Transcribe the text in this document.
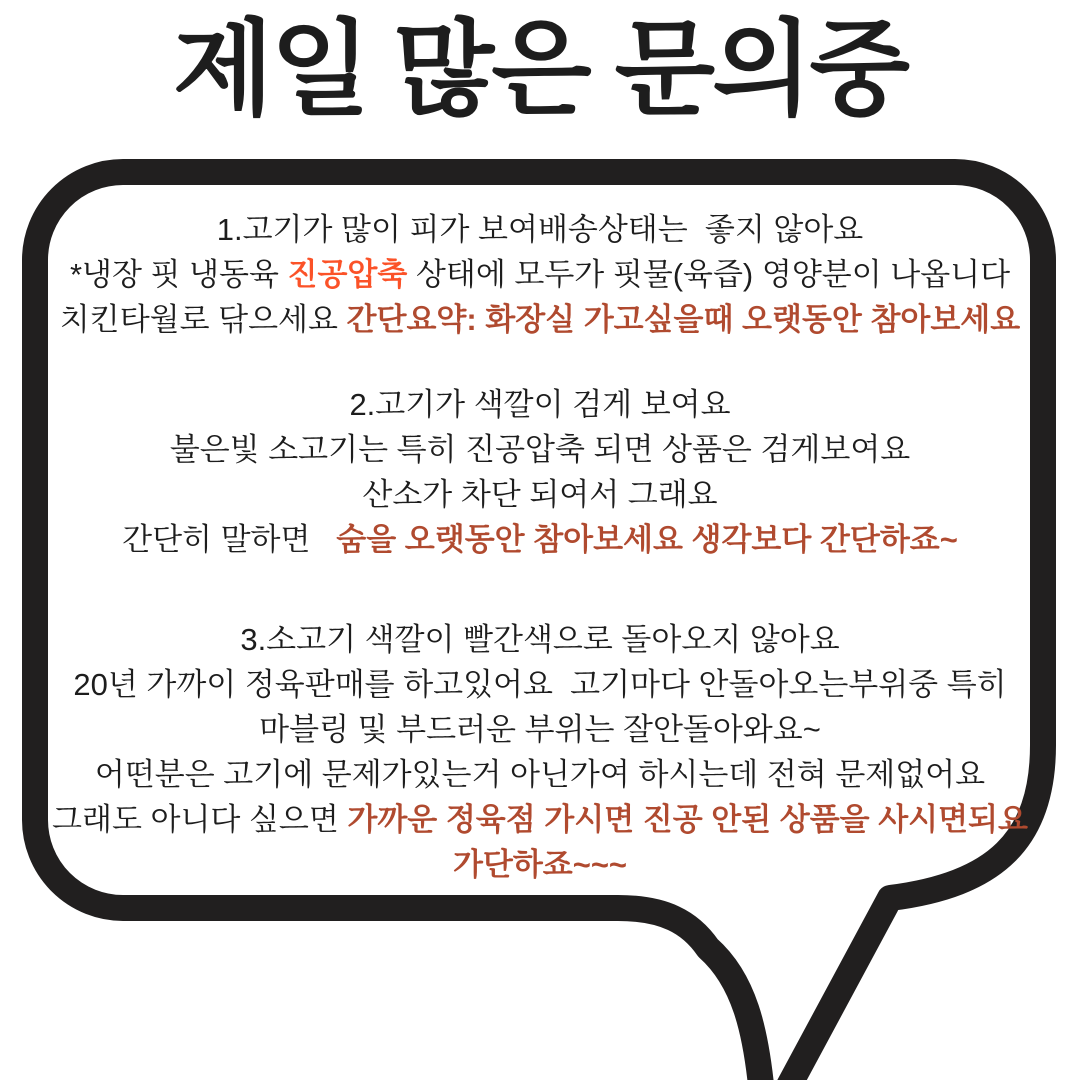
제일 많은 문의중
1.고기가 많이 피가 보여배송상태는  좋지 않아요
*냉장 핏 냉동육 진공압축 상태에 모두가 핏물(육즙) 영양분이 나옵니다
치킨타월로 닦으세요 간단요약: 화장실 가고싶을때 오랫동안 참아보세요
2.고기가 색깔이 검게 보여요
불은빛 소고기는 특히 진공압축 되면 상품은 검게보여요
산소가 차단 되여서 그래요
간단히 말하면   숨을 오랫동안 참아보세요 생각보다 간단하죠~
3.소고기 색깔이 빨간색으로 돌아오지 않아요
20년 가까이 정육판매를 하고있어요  고기마다 안돌아오는부위중 특히
마블링 및 부드러운 부위는 잘안돌아와요~
어떤분은 고기에 문제가있는거 아닌가여 하시는데 전혀 문제없어요
그래도 아니다 싶으면 가까운 정육점 가시면 진공 안된 상품을 사시면되요
가단하죠~~~
